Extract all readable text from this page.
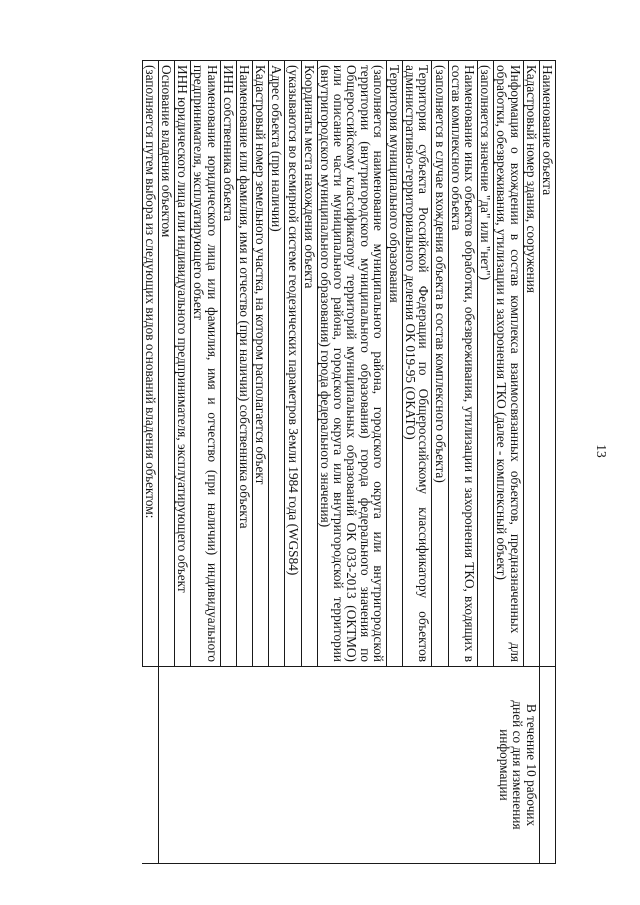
13
Наименование объекта		
Кадастровый номер здания, сооружения	В течение 10 рабочих дней со дня изменения информации	
Информация о вхождении в состав комплекса взаимосвязанных объектов, предназначенных для обработки, обезвреживания, утилизации и захоронения ТКО (далее - комплексный объект)		
(заполняется значение "да" или "нет")		
Наименование иных объектов обработки, обезвреживания, утилизации и захоронения ТКО, входящих в состав комплексного объекта		
(заполняется в случае вхождения объекта в состав комплексного объекта)		
Территория субъекта Российской Федерации по Общероссийскому классификатору объектов административно-территориального деления ОК 019-95 (ОКАТО)		
Территория муниципального образования		
(заполняется наименование муниципального района, городского округа или внутригородской территории (внутригородского муниципального образования) города федерального значения по Общероссийскому классификатору территорий муниципальных образований ОК 033-2013 (ОКТМО) или описание части муниципального района, городского округа или внутригородской территории (внутригородского муниципального образования) города федерального значения)		
Координаты места нахождения объекта		
(указываются во всемирной системе геодезических параметров Земли 1984 года (WGS84)		
Адрес объекта (при наличии)		
Кадастровый номер земельного участка, на котором располагается объект		
Наименование или фамилия, имя и отчество (при наличии) собственника объекта		
ИНН собственника объекта		
Наименование юридического лица или фамилия, имя и отчество (при наличии) индивидуального предпринимателя, эксплуатирующего объект		
ИНН юридического лица или индивидуального предпринимателя, эксплуатирующего объект		
Основание владения объектом		
(заполняется путем выбора из следующих видов оснований владения объектом:		
